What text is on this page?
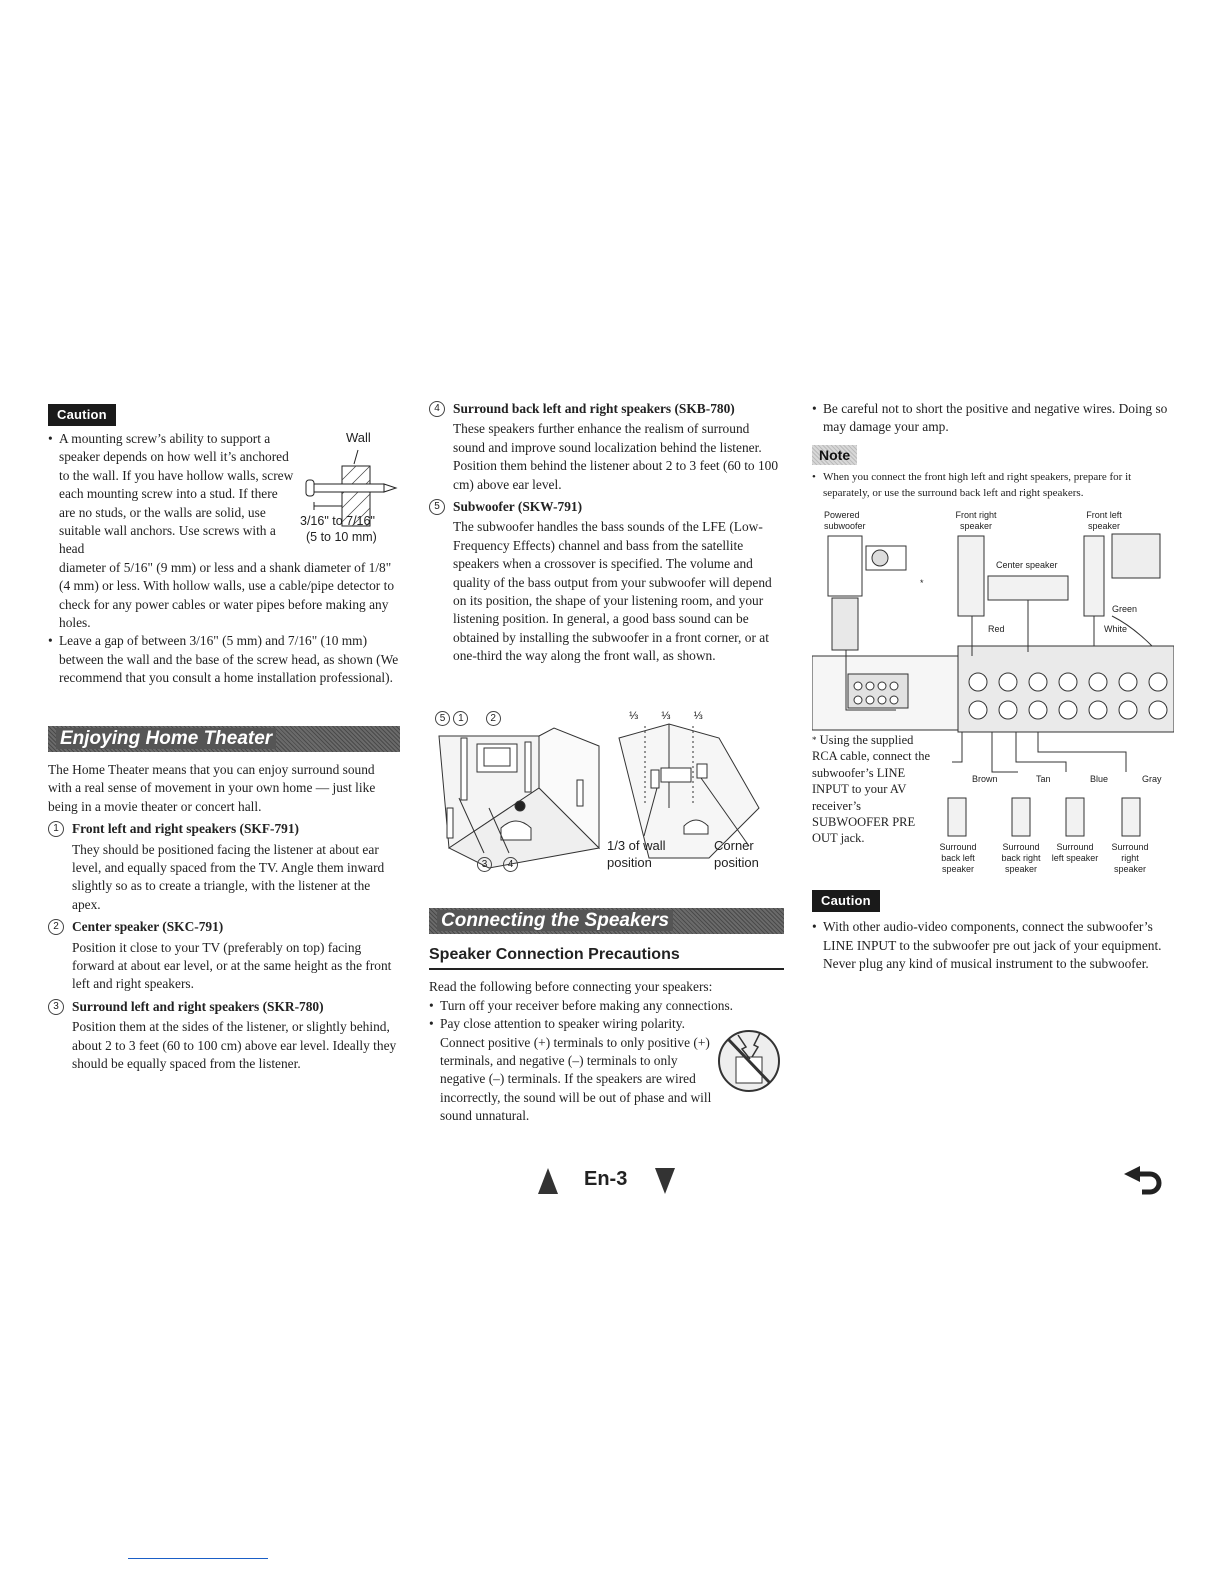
Caution
Wall
3/16" to 7/16"
(5 to 10 mm)

• A mounting screw’s ability to support a speaker depends on how well it’s anchored to the wall. If you have hollow walls, screw each mounting screw into a stud. If there are no studs, or the walls are solid, use suitable wall anchors. Use screws with a head

diameter of 5/16" (9 mm) or less and a shank diameter of 1/8" (4 mm) or less. With hollow walls, use a cable/pipe detector to check for any power cables or water pipes before making any holes.

• Leave a gap of between 3/16" (5 mm) and 7/16" (10 mm) between the wall and the base of the screw head, as shown (We recommend that you consult a home installation professional).

Enjoying Home Theater

The Home Theater means that you can enjoy surround sound with a real sense of movement in your own home — just like being in a movie theater or concert hall.

1 Front left and right speakers (SKF-791)

They should be positioned facing the listener at about ear level, and equally spaced from the TV. Angle them inward slightly so as to create a triangle, with the listener at the apex.

2 Center speaker (SKC-791)

Position it close to your TV (preferably on top) facing forward at about ear level, or at the same height as the front left and right speakers.

3 Surround left and right speakers (SKR-780)

Position them at the sides of the listener, or slightly behind, about 2 to 3 feet (60 to 100 cm) above ear level. Ideally they should be equally spaced from the listener.

4 Surround back left and right speakers (SKB-780)

These speakers further enhance the realism of surround sound and improve sound localization behind the listener.

Position them behind the listener about 2 to 3 feet (60 to 100 cm) above ear level.

5 Subwoofer (SKW-791)

The subwoofer handles the bass sounds of the LFE (Low-Frequency Effects) channel and bass from the satellite speakers when a crossover is specified. The volume and quality of the bass output from your subwoofer will depend on its position, the shape of your listening room, and your listening position. In general, a good bass sound can be obtained by installing the subwoofer in a front corner, or at one-third the way along the front wall, as shown.

5 1	2	⅓ ⅓ ⅓
3 4
1/3 of wall
position
Corner
position
Connecting the Speakers
Speaker Connection Precautions

Read the following before connecting your speakers:

• Turn off your receiver before making any connections.

• Pay close attention to speaker wiring polarity. Connect positive (+) terminals to only positive (+) terminals, and negative (–) terminals to only negative (–) terminals. If the speakers are wired incorrectly, the sound will be out of phase and will sound unnatural.

• Be careful not to short the positive and negative wires. Doing so may damage your amp.

Note

• When you connect the front high left and right speakers, prepare for it separately, or use the surround back left and right speakers.

Powered subwoofer
Front right speaker
Front left speaker
Center speaker
Green
Red	White
*
* Using the supplied RCA cable, connect the subwoofer’s LINE INPUT to your AV receiver’s SUBWOOFER PRE OUT jack.
Brown	Tan	Blue	Gray
Surround back left speaker
Surround back right speaker
Surround left speaker
Surround right speaker
Caution

• With other audio-video components, connect the subwoofer’s LINE INPUT to the subwoofer pre out jack of your equipment. Never plug any kind of musical instrument to the subwoofer.

En-3
